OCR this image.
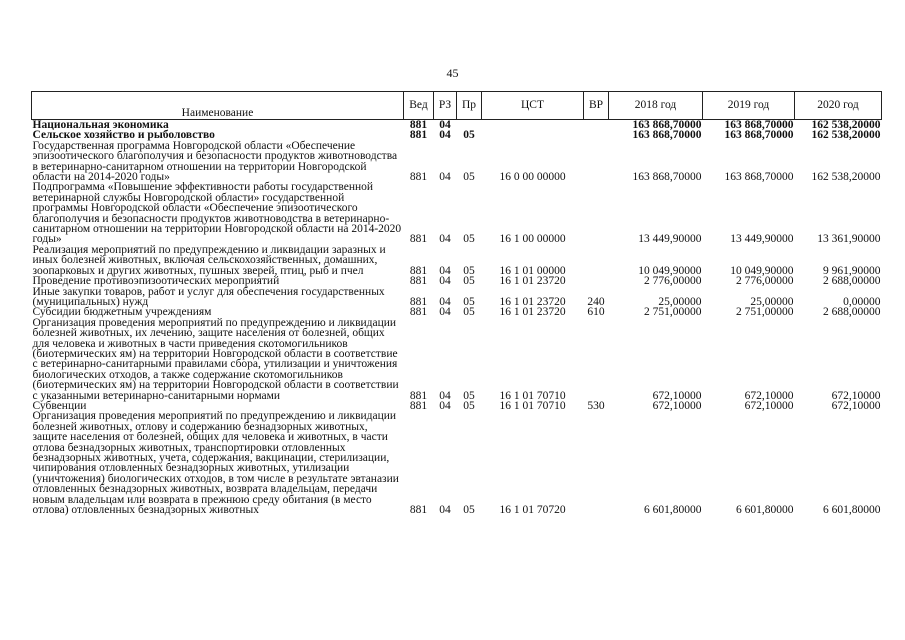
45
Наименование	Вед	РЗ	Пр	ЦСТ	ВР	2018 год	2019 год	2020 год
Национальная экономика	881	04				163 868,70000	163 868,70000	162 538,20000
Сельское хозяйство и рыболовство	881	04	05			163 868,70000	163 868,70000	162 538,20000
Государственная программа Новгородской области «Обеспечение эпизоотического благополучия и безопасности продуктов животноводства в ветеринарно-санитарном отношении на территории Новгородской области на 2014-2020 годы»	881	04	05	16 0 00 00000		163 868,70000	163 868,70000	162 538,20000
Подпрограмма «Повышение эффективности работы государственной ветеринарной службы Новгородской области» государственной программы Новгородской области «Обеспечение эпизоотического благополучия и безопасности продуктов животноводства в ветеринарно-санитарном отношении на территории Новгородской области на 2014-2020 годы»	881	04	05	16 1 00 00000		13 449,90000	13 449,90000	13 361,90000
Реализация мероприятий по предупреждению и ликвидации заразных и иных болезней животных, включая сельскохозяйственных, домашних, зоопарковых и других животных, пушных зверей, птиц, рыб и пчел	881	04	05	16 1 01 00000		10 049,90000	10 049,90000	9 961,90000
Проведение противоэпизоотических мероприятий	881	04	05	16 1 01 23720		2 776,00000	2 776,00000	2 688,00000
Иные закупки товаров, работ и услуг для обеспечения государственных (муниципальных) нужд	881	04	05	16 1 01 23720	240	25,00000	25,00000	0,00000
Субсидии бюджетным учреждениям	881	04	05	16 1 01 23720	610	2 751,00000	2 751,00000	2 688,00000
Организация проведения мероприятий по предупреждению и ликвидации болезней животных, их лечению, защите населения от болезней, общих для человека и животных в части приведения скотомогильников (биотермических ям) на территории Новгородской области в соответствие с ветеринарно-санитарными правилами сбора, утилизации и уничтожения биологических отходов, а также содержание скотомогильников (биотермических ям) на территории Новгородской области в соответствии с указанными ветеринарно-санитарными нормами	881	04	05	16 1 01 70710		672,10000	672,10000	672,10000
Субвенции	881	04	05	16 1 01 70710	530	672,10000	672,10000	672,10000
Организация проведения мероприятий по предупреждению и ликвидации болезней животных, отлову и содержанию безнадзорных животных, защите населения от болезней, общих для человека и животных, в части отлова безнадзорных животных, транспортировки отловленных безнадзорных животных, учета, содержания, вакцинации, стерилизации, чипирования отловленных безнадзорных животных, утилизации (уничтожения) биологических отходов, в том числе в результате эвтаназии отловленных безнадзорных животных, возврата владельцам, передачи новым владельцам или возврата в прежнюю среду обитания (в место отлова) отловленных безнадзорных животных	881	04	05	16 1 01 70720		6 601,80000	6 601,80000	6 601,80000
